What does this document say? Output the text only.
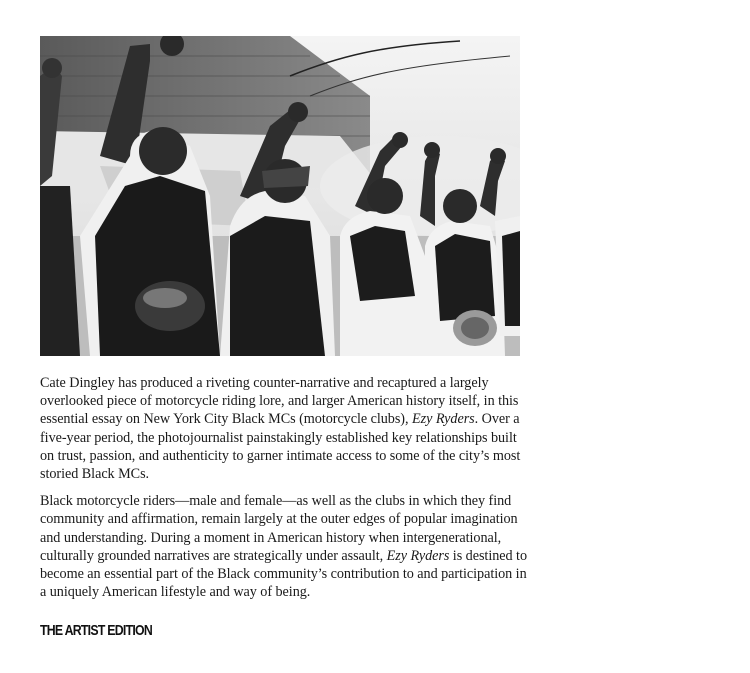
Cate Dingley has produced a riveting counter-narrative and recaptured a largely overlooked piece of motorcycle riding lore, and larger American history itself, in this essential essay on New York City Black MCs (motorcycle clubs), Ezy Ryders. Over a five-year period, the photojournalist painstakingly established key relationships built on trust, passion, and authenticity to garner intimate access to some of the city’s most storied Black MCs.

Black motorcycle riders—male and female—as well as the clubs in which they find community and affirmation, remain largely at the outer edges of popular imagination and understanding. During a moment in American history when intergenerational, culturally grounded narratives are strategically under assault, Ezy Ryders is destined to become an essential part of the Black community’s contribution to and participation in a uniquely American lifestyle and way of being.

THE ARTIST EDITION
